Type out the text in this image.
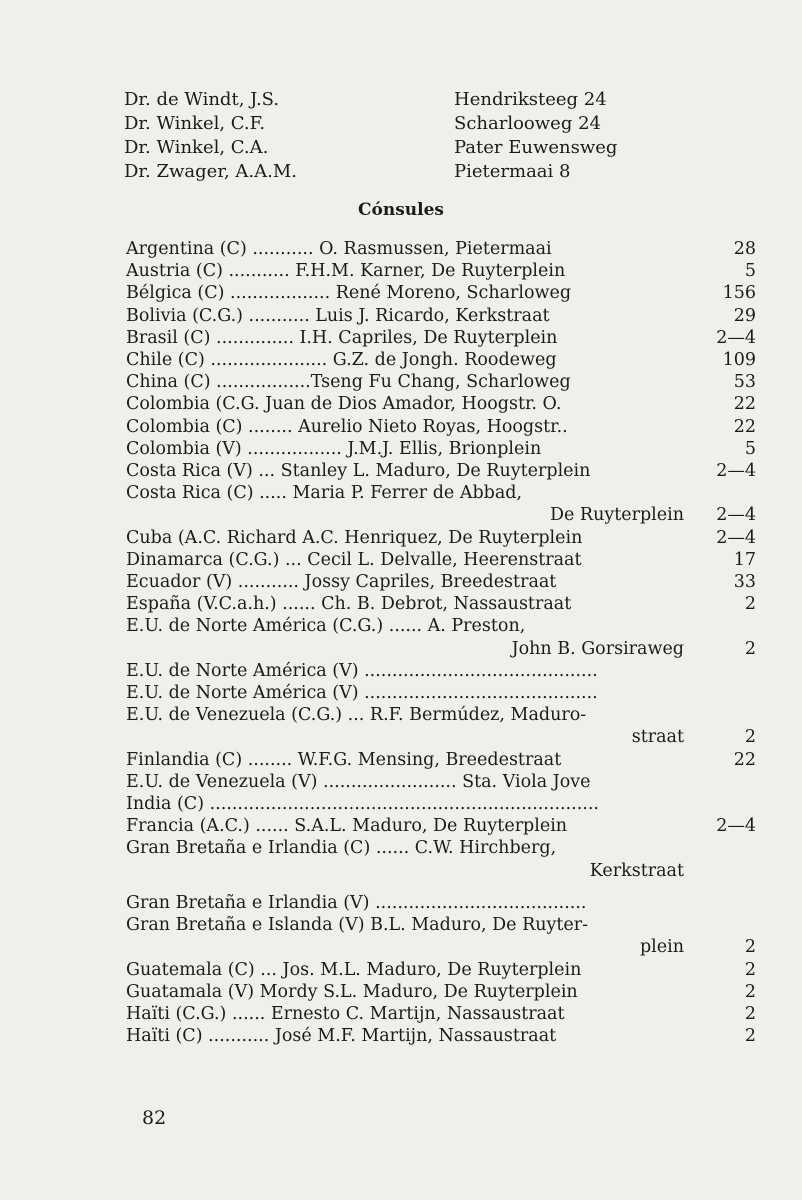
Dr. de Windt, J.S.	Hendriksteeg 24
Dr. Winkel, C.F.	Scharlooweg 24
Dr. Winkel, C.A.	Pater Euwensweg
Dr. Zwager, A.A.M.	Pietermaai 8
Cónsules
Argentina (C) ........... O. Rasmussen, Pietermaai	28
Austria (C) ........... F.H.M. Karner, De Ruyterplein	5
Bélgica (C) .................. René Moreno, Scharloweg	156
Bolivia (C.G.) ........... Luis J. Ricardo, Kerkstraat	29
Brasil (C) .............. I.H. Capriles, De Ruyterplein	2—4
Chile (C) ..................... G.Z. de Jongh. Roodeweg	109
China (C) .................Tseng Fu Chang, Scharloweg	53
Colombia (C.G. Juan de Dios Amador, Hoogstr. O.	22
Colombia (C) ........ Aurelio Nieto Royas, Hoogstr..	22
Colombia (V) ................. J.M.J. Ellis, Brionplein	5
Costa Rica (V) ... Stanley L. Maduro, De Ruyterplein	2—4
Costa Rica (C) ..... Maria P. Ferrer de Abbad,
De Ruyterplein	2—4
Cuba (A.C. Richard A.C. Henriquez, De Ruyterplein	2—4
Dinamarca (C.G.) ... Cecil L. Delvalle, Heerenstraat	17
Ecuador (V) ........... Jossy Capriles, Breedestraat	33
España (V.C.a.h.) ...... Ch. B. Debrot, Nassaustraat	2
E.U. de Norte América (C.G.) ...... A. Preston,
John B. Gorsiraweg	2
E.U. de Norte América (V) ..........................................
E.U. de Norte América (V) ..........................................
E.U. de Venezuela (C.G.) ... R.F. Bermúdez, Maduro-
straat	2
Finlandia (C) ........ W.F.G. Mensing, Breedestraat	22
E.U. de Venezuela (V) ........................ Sta. Viola Jove
India (C) ......................................................................
Francia (A.C.) ...... S.A.L. Maduro, De Ruyterplein	2—4
Gran Bretaña e Irlandia (C) ...... C.W. Hirchberg,
Kerkstraat
Gran Bretaña e Irlandia (V) ......................................
Gran Bretaña e Islanda (V) B.L. Maduro, De Ruyter-
plein	2
Guatemala (C) ... Jos. M.L. Maduro, De Ruyterplein	2
Guatamala (V) Mordy S.L. Maduro, De Ruyterplein	2
Haïti (C.G.) ...... Ernesto C. Martijn, Nassaustraat	2
Haïti (C) ........... José M.F. Martijn, Nassaustraat	2
82
